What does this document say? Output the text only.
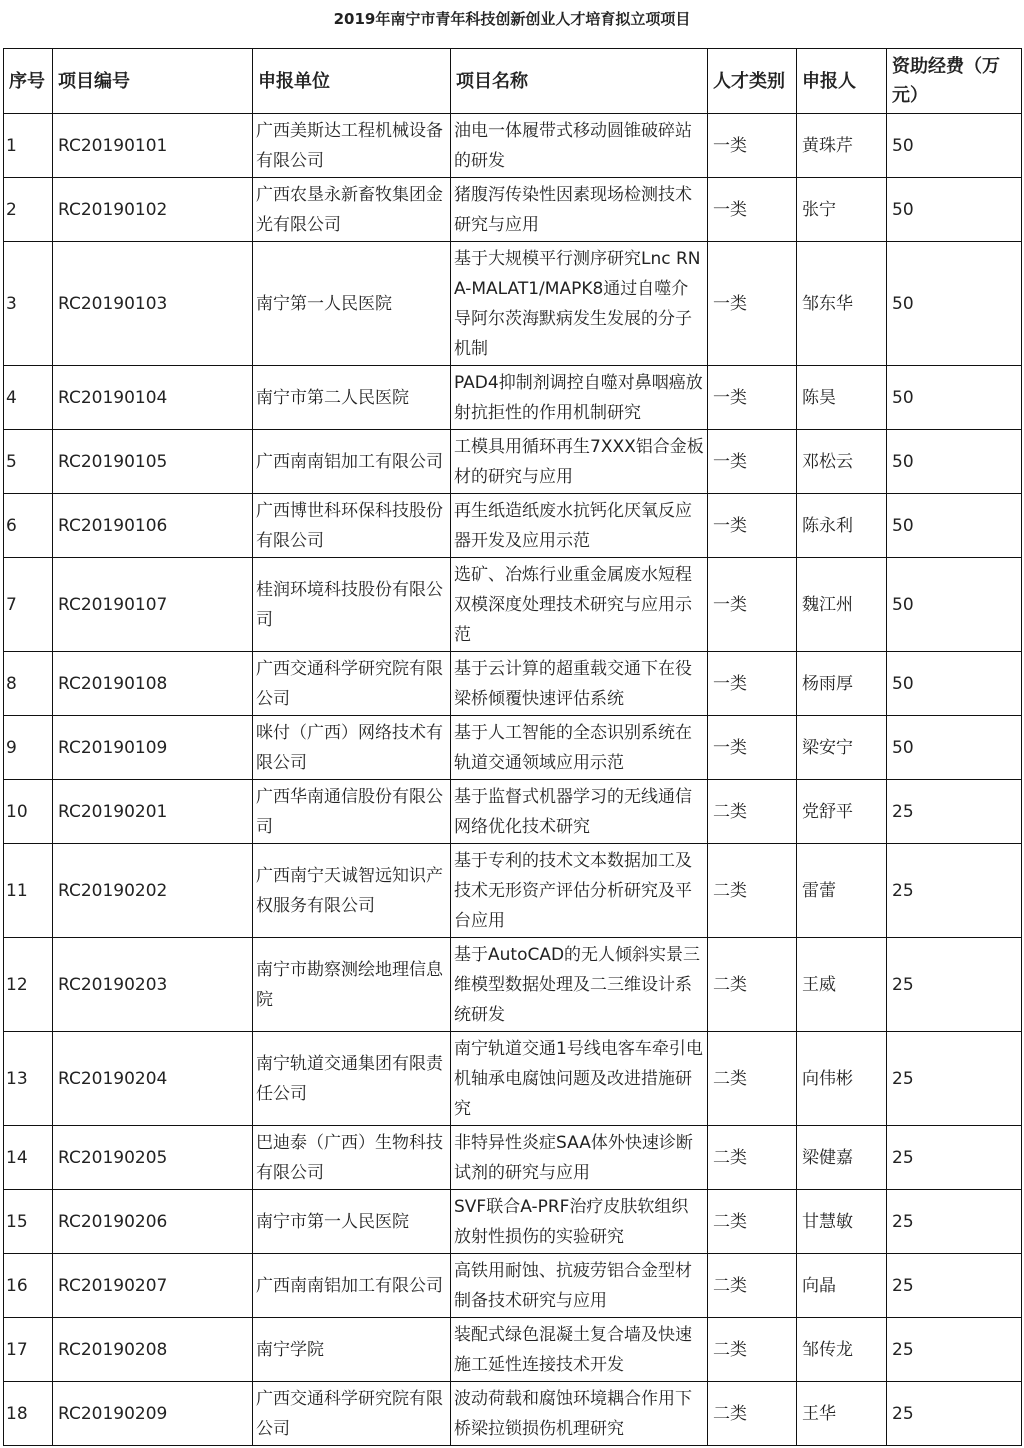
2019年南宁市青年科技创新创业人才培育拟立项项目
序号	项目编号	申报单位	项目名称	人才类别	申报人	资助经费（万元）
1	RC20190101	广西美斯达工程机械设备有限公司	油电一体履带式移动圆锥破碎站的研发	一类	黄珠芹	50
2	RC20190102	广西农垦永新畜牧集团金光有限公司	猪腹泻传染性因素现场检测技术研究与应用	一类	张宁	50
3	RC20190103	南宁第一人民医院	基于大规模平行测序研究Lnc RNA-MALAT1/MAPK8通过自噬介导阿尔茨海默病发生发展的分子机制	一类	邹东华	50
4	RC20190104	南宁市第二人民医院	PAD4抑制剂调控自噬对鼻咽癌放射抗拒性的作用机制研究	一类	陈昊	50
5	RC20190105	广西南南铝加工有限公司	工模具用循环再生7XXX铝合金板材的研究与应用	一类	邓松云	50
6	RC20190106	广西博世科环保科技股份有限公司	再生纸造纸废水抗钙化厌氧反应器开发及应用示范	一类	陈永利	50
7	RC20190107	桂润环境科技股份有限公司	选矿、冶炼行业重金属废水短程双模深度处理技术研究与应用示范	一类	魏江州	50
8	RC20190108	广西交通科学研究院有限公司	基于云计算的超重载交通下在役梁桥倾覆快速评估系统	一类	杨雨厚	50
9	RC20190109	咪付（广西）网络技术有限公司	基于人工智能的全态识别系统在轨道交通领域应用示范	一类	梁安宁	50
10	RC20190201	广西华南通信股份有限公司	基于监督式机器学习的无线通信网络优化技术研究	二类	党舒平	25
11	RC20190202	广西南宁天诚智远知识产权服务有限公司	基于专利的技术文本数据加工及技术无形资产评估分析研究及平台应用	二类	雷蕾	25
12	RC20190203	南宁市勘察测绘地理信息院	基于AutoCAD的无人倾斜实景三维模型数据处理及二三维设计系统研发	二类	王威	25
13	RC20190204	南宁轨道交通集团有限责任公司	南宁轨道交通1号线电客车牵引电机轴承电腐蚀问题及改进措施研究	二类	向伟彬	25
14	RC20190205	巴迪泰（广西）生物科技有限公司	非特异性炎症SAA体外快速诊断试剂的研究与应用	二类	梁健嘉	25
15	RC20190206	南宁市第一人民医院	SVF联合A-PRF治疗皮肤软组织放射性损伤的实验研究	二类	甘慧敏	25
16	RC20190207	广西南南铝加工有限公司	高铁用耐蚀、抗疲劳铝合金型材制备技术研究与应用	二类	向晶	25
17	RC20190208	南宁学院	装配式绿色混凝土复合墙及快速施工延性连接技术开发	二类	邹传龙	25
18	RC20190209	广西交通科学研究院有限公司	波动荷载和腐蚀环境耦合作用下桥梁拉锁损伤机理研究	二类	王华	25
